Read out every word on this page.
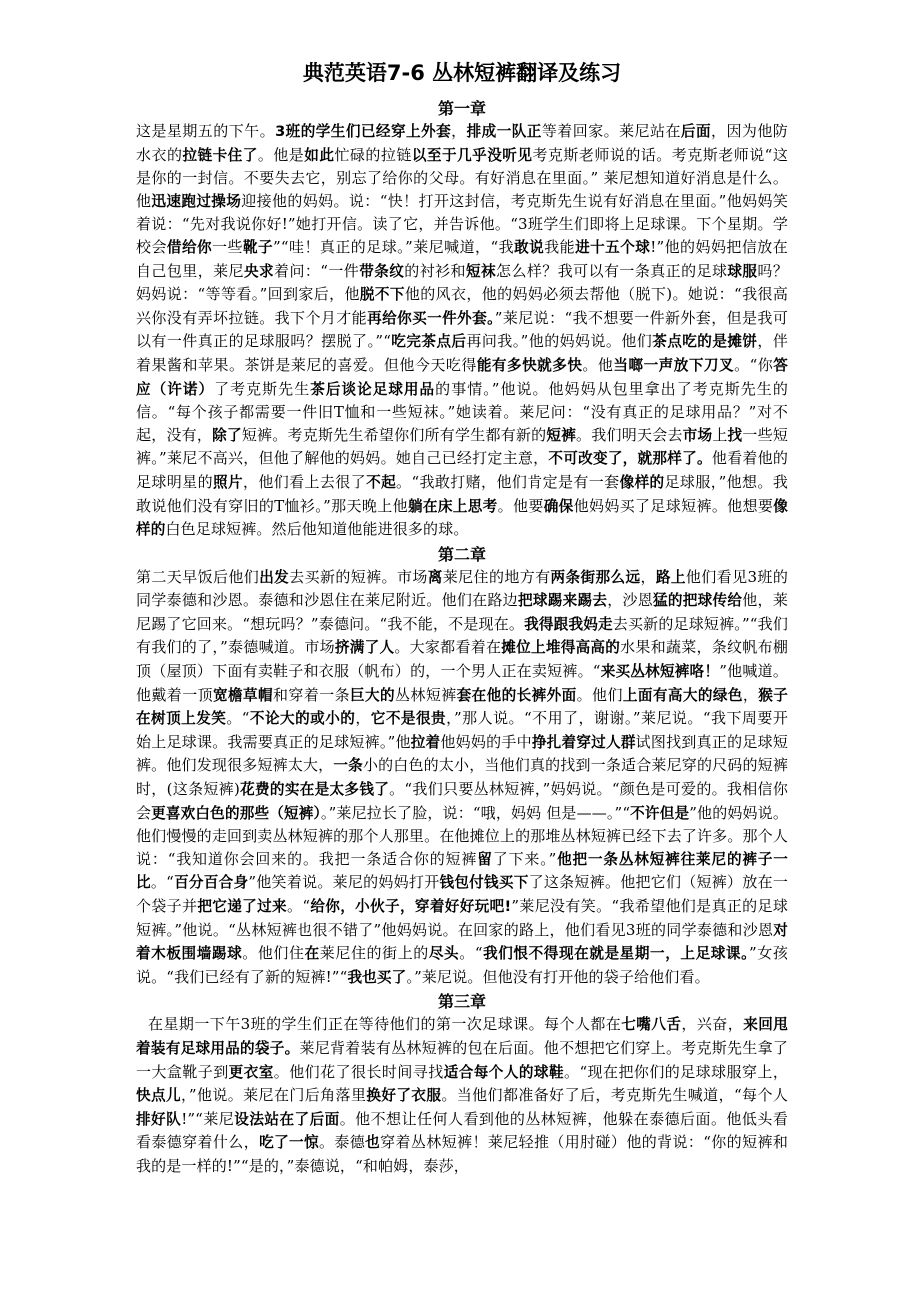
典范英语7-6 丛林短裤翻译及练习
第一章

这是星期五的下午。3班的学生们已经穿上外套，排成一队正等着回家。莱尼站在后面，因为他防水衣的拉链卡住了。他是如此忙碌的拉链以至于几乎没听见考克斯老师说的话。考克斯老师说“这是你的一封信。不要失去它，别忘了给你的父母。有好消息在里面。” 莱尼想知道好消息是什么。他迅速跑过操场迎接他的妈妈。说：“快！打开这封信，考克斯先生说有好消息在里面。”他妈妈笑着说：“先对我说你好!”她打开信。读了它，并告诉他。“3班学生们即将上足球课。下个星期。学校会借给你一些靴子”“哇！真正的足球。”莱尼喊道，“我敢说我能进十五个球!”他的妈妈把信放在自己包里，莱尼央求着问：“一件带条纹的衬衫和短袜怎么样？我可以有一条真正的足球球服吗？妈妈说：“等等看。”回到家后，他脱不下他的风衣，他的妈妈必须去帮他（脱下)。她说：“我很高兴你没有弄坏拉链。我下个月才能再给你买一件外套。”莱尼说：“我不想要一件新外套，但是我可以有一件真正的足球服吗？摆脱了。”“吃完茶点后再问我。”他的妈妈说。他们茶点吃的是摊饼，伴着果酱和苹果。茶饼是莱尼的喜爱。但他今天吃得能有多快就多快。他当啷一声放下刀叉。“你答应（许诺）了考克斯先生茶后谈论足球用品的事情。”他说。他妈妈从包里拿出了考克斯先生的信。“每个孩子都需要一件旧T恤和一些短袜。”她读着。莱尼问：“没有真正的足球用品？”对不起，没有，除了短裤。考克斯先生希望你们所有学生都有新的短裤。我们明天会去市场上找一些短裤。”莱尼不高兴，但他了解他的妈妈。她自己已经打定主意，不可改变了，就那样了。他看着他的足球明星的照片，他们看上去很了不起。“我敢打赌，他们肯定是有一套像样的足球服，”他想。我敢说他们没有穿旧的T恤衫。”那天晚上他躺在床上思考。他要确保他妈妈买了足球短裤。他想要像样的白色足球短裤。然后他知道他能进很多的球。

第二章

第二天早饭后他们出发去买新的短裤。市场离莱尼住的地方有两条街那么远，路上他们看见3班的同学泰德和沙恩。泰德和沙恩住在莱尼附近。他们在路边把球踢来踢去，沙恩猛的把球传给他，莱尼踢了它回来。“想玩吗？”泰德问。“我不能，不是现在。我得跟我妈走去买新的足球短裤。”“我们有我们的了，”泰德喊道。市场挤满了人。大家都看着在摊位上堆得高高的水果和蔬菜，条纹帆布棚顶（屋顶）下面有卖鞋子和衣服（帆布）的，一个男人正在卖短裤。“来买丛林短裤咯！”他喊道。他戴着一顶宽檐草帽和穿着一条巨大的丛林短裤套在他的长裤外面。他们上面有高大的绿色，猴子在树顶上发笑。“不论大的或小的，它不是很贵，”那人说。“不用了，谢谢。”莱尼说。“我下周要开始上足球课。我需要真正的足球短裤。”他拉着他妈妈的手中挣扎着穿过人群试图找到真正的足球短裤。他们发现很多短裤太大，一条小的白色的太小，当他们真的找到一条适合莱尼穿的尺码的短裤时，(这条短裤)花费的实在是太多钱了。“我们只要丛林短裤，”妈妈说。“颜色是可爱的。我相信你会更喜欢白色的那些（短裤）。”莱尼拉长了脸，说：“哦，妈妈 但是——。”“不许但是”他的妈妈说。他们慢慢的走回到卖丛林短裤的那个人那里。在他摊位上的那堆丛林短裤已经下去了许多。那个人说：“我知道你会回来的。我把一条适合你的短裤留了下来。”他把一条丛林短裤往莱尼的裤子一比。“百分百合身”他笑着说。莱尼的妈妈打开钱包付钱买下了这条短裤。他把它们（短裤）放在一个袋子并把它递了过来。“给你，小伙子，穿着好好玩吧!”莱尼没有笑。“我希望他们是真正的足球短裤。”他说。“丛林短裤也很不错了”他妈妈说。在回家的路上，他们看见3班的同学泰德和沙恩对着木板围墙踢球。他们住在莱尼住的街上的尽头。“我们恨不得现在就是星期一，上足球课。”女孩说。“我们已经有了新的短裤!”“我也买了。”莱尼说。但他没有打开他的袋子给他们看。

第三章

在星期一下午3班的学生们正在等待他们的第一次足球课。每个人都在七嘴八舌，兴奋，来回甩着装有足球用品的袋子。莱尼背着装有丛林短裤的包在后面。他不想把它们穿上。考克斯先生拿了一大盒靴子到更衣室。他们花了很长时间寻找适合每个人的球鞋。“现在把你们的足球球服穿上，快点儿，”他说。莱尼在门后角落里换好了衣服。当他们都准备好了后，考克斯先生喊道，“每个人排好队!”“莱尼设法站在了后面。他不想让任何人看到他的丛林短裤，他躲在泰德后面。他低头看看泰德穿着什么，吃了一惊。泰德也穿着丛林短裤！莱尼轻推（用肘碰）他的背说：“你的短裤和我的是一样的!”“是的，”泰德说，“和帕姆，泰莎，
